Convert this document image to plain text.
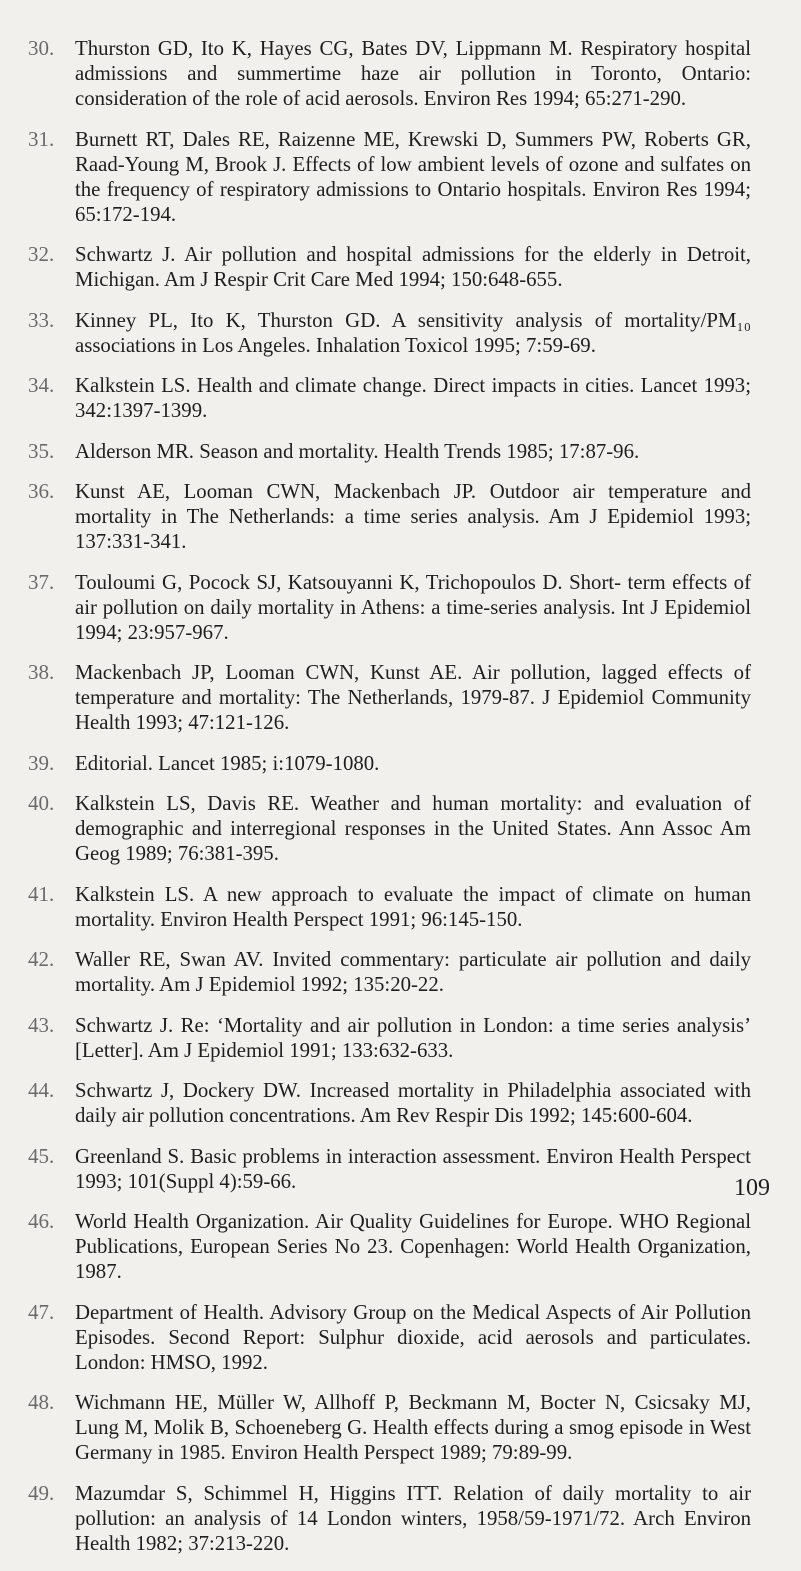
30. Thurston GD, Ito K, Hayes CG, Bates DV, Lippmann M. Respiratory hospital admissions and summertime haze air pollution in Toronto, Ontario: consideration of the role of acid aerosols. Environ Res 1994; 65:271-290.
31. Burnett RT, Dales RE, Raizenne ME, Krewski D, Summers PW, Roberts GR, Raad-Young M, Brook J. Effects of low ambient levels of ozone and sulfates on the frequency of respiratory admissions to Ontario hospitals. Environ Res 1994; 65:172-194.
32. Schwartz J. Air pollution and hospital admissions for the elderly in Detroit, Michigan. Am J Respir Crit Care Med 1994; 150:648-655.
33. Kinney PL, Ito K, Thurston GD. A sensitivity analysis of mortality/PM₁₀ associations in Los Angeles. Inhalation Toxicol 1995; 7:59-69.
34. Kalkstein LS. Health and climate change. Direct impacts in cities. Lancet 1993; 342:1397-1399.
35. Alderson MR. Season and mortality. Health Trends 1985; 17:87-96.
36. Kunst AE, Looman CWN, Mackenbach JP. Outdoor air temperature and mortality in The Netherlands: a time series analysis. Am J Epidemiol 1993; 137:331-341.
37. Touloumi G, Pocock SJ, Katsouyanni K, Trichopoulos D. Short- term effects of air pollution on daily mortality in Athens: a time-series analysis. Int J Epidemiol 1994; 23:957-967.
38. Mackenbach JP, Looman CWN, Kunst AE. Air pollution, lagged effects of temperature and mortality: The Netherlands, 1979-87. J Epidemiol Community Health 1993; 47:121-126.
39. Editorial. Lancet 1985; i:1079-1080.
40. Kalkstein LS, Davis RE. Weather and human mortality: and evaluation of demographic and interregional responses in the United States. Ann Assoc Am Geog 1989; 76:381-395.
41. Kalkstein LS. A new approach to evaluate the impact of climate on human mortality. Environ Health Perspect 1991; 96:145-150.
42. Waller RE, Swan AV. Invited commentary: particulate air pollution and daily mortality. Am J Epidemiol 1992; 135:20-22.
43. Schwartz J. Re: ‘Mortality and air pollution in London: a time series analysis’ [Letter]. Am J Epidemiol 1991; 133:632-633.
44. Schwartz J, Dockery DW. Increased mortality in Philadelphia associated with daily air pollution concentrations. Am Rev Respir Dis 1992; 145:600-604.
45. Greenland S. Basic problems in interaction assessment. Environ Health Perspect 1993; 101(Suppl 4):59-66.
46. World Health Organization. Air Quality Guidelines for Europe. WHO Regional Publications, European Series No 23. Copenhagen: World Health Organization, 1987.
47. Department of Health. Advisory Group on the Medical Aspects of Air Pollution Episodes. Second Report: Sulphur dioxide, acid aerosols and particulates. London: HMSO, 1992.
48. Wichmann HE, Müller W, Allhoff P, Beckmann M, Bocter N, Csicsaky MJ, Lung M, Molik B, Schoeneberg G. Health effects during a smog episode in West Germany in 1985. Environ Health Perspect 1989; 79:89-99.
49. Mazumdar S, Schimmel H, Higgins ITT. Relation of daily mortality to air pollution: an analysis of 14 London winters, 1958/59-1971/72. Arch Environ Health 1982; 37:213-220.
109
